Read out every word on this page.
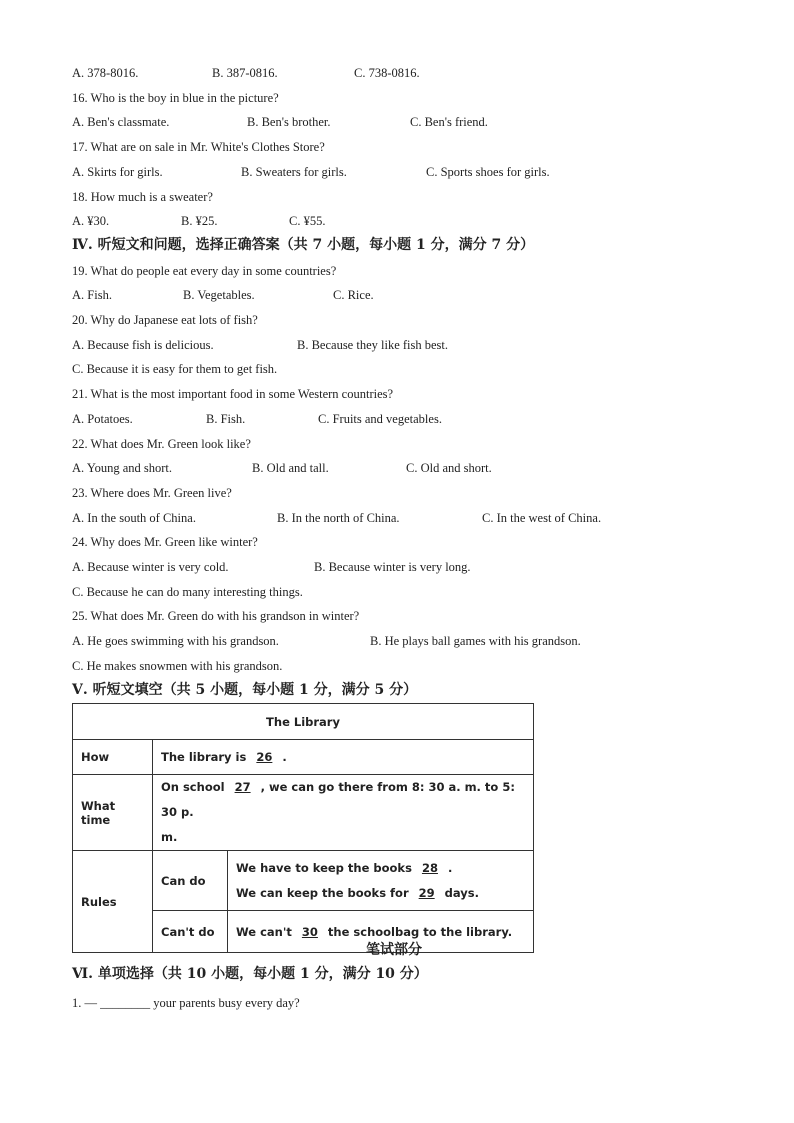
A. 378-8016.	B. 387-0816.	C. 738-0816.
16. Who is the boy in blue in the picture?
A. Ben's classmate.	B. Ben's brother.	C. Ben's friend.
17. What are on sale in Mr. White's Clothes Store?
A. Skirts for girls.	B. Sweaters for girls.	C. Sports shoes for girls.
18. How much is a sweater?
A. ¥30.	B. ¥25.	C. ¥55.
Ⅳ. 听短文和问题，选择正确答案（共 7 小题，每小题 1 分，满分 7 分）
19. What do people eat every day in some countries?
A. Fish.	B. Vegetables.	C. Rice.
20. Why do Japanese eat lots of fish?
A. Because fish is delicious.	B. Because they like fish best.
C. Because it is easy for them to get fish.
21. What is the most important food in some Western countries?
A. Potatoes.	B. Fish.	C. Fruits and vegetables.
22. What does Mr. Green look like?
A. Young and short.	B. Old and tall.	C. Old and short.
23. Where does Mr. Green live?
A. In the south of China.	B. In the north of China.	C. In the west of China.
24. Why does Mr. Green like winter?
A. Because winter is very cold.	B. Because winter is very long.
C. Because he can do many interesting things.
25. What does Mr. Green do with his grandson in winter?
A. He goes swimming with his grandson.	B. He plays ball games with his grandson.
C. He makes snowmen with his grandson.
Ⅴ. 听短文填空（共 5 小题，每小题 1 分，满分 5 分）
The Library		
How	The library is 26 .	
What time	On school 27 , we can go there from 8: 30 a. m. to 5: 30 p.
m.	
Rules	Can do	We have to keep the books 28 .
We can keep the books for 29 days.
	Can't do	We can't 30 the schoolbag to the library.
笔试部分
Ⅵ. 单项选择（共 10 小题，每小题 1 分，满分 10 分）
1. — ________ your parents busy every day?
